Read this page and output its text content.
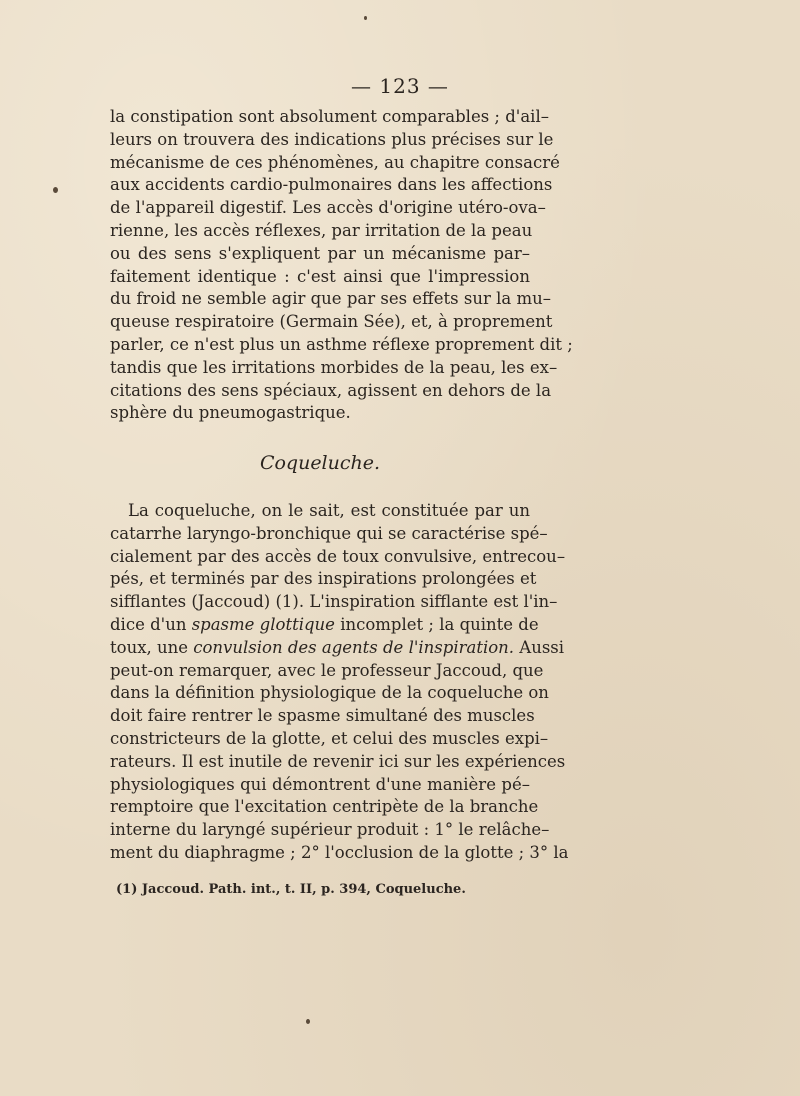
— 123 —
la constipation sont absolument comparables ; d'ail–
leurs on trouvera des indications plus précises sur le
mécanisme de ces phénomènes, au chapitre consacré
aux accidents cardio-pulmonaires dans les affections
de l'appareil digestif. Les accès d'origine utéro-ova–
rienne, les accès réflexes, par irritation de la peau
ou des sens s'expliquent par un mécanisme par–
faitement identique : c'est ainsi que l'impression
du froid ne semble agir que par ses effets sur la mu–
queuse respiratoire (Germain Sée), et, à proprement
parler, ce n'est plus un asthme réflexe proprement dit ;
tandis que les irritations morbides de la peau, les ex–
citations des sens spéciaux, agissent en dehors de la
sphère du pneumogastrique.
Coqueluche.
La coqueluche, on le sait, est constituée par un
catarrhe laryngo-bronchique qui se caractérise spé–
cialement par des accès de toux convulsive, entrecou–
pés, et terminés par des inspirations prolongées et
sifflantes (Jaccoud) (1). L'inspiration sifflante est l'in–
dice d'un spasme glottique incomplet ; la quinte de
toux, une convulsion des agents de l'inspiration. Aussi
peut-on remarquer, avec le professeur Jaccoud, que
dans la définition physiologique de la coqueluche on
doit faire rentrer le spasme simultané des muscles
constricteurs de la glotte, et celui des muscles expi–
rateurs. Il est inutile de revenir ici sur les expériences
physiologiques qui démontrent d'une manière pé–
remptoire que l'excitation centripète de la branche
interne du laryngé supérieur produit : 1° le relâche–
ment du diaphragme ; 2° l'occlusion de la glotte ; 3° la
(1) Jaccoud. Path. int., t. II, p. 394, Coqueluche.
